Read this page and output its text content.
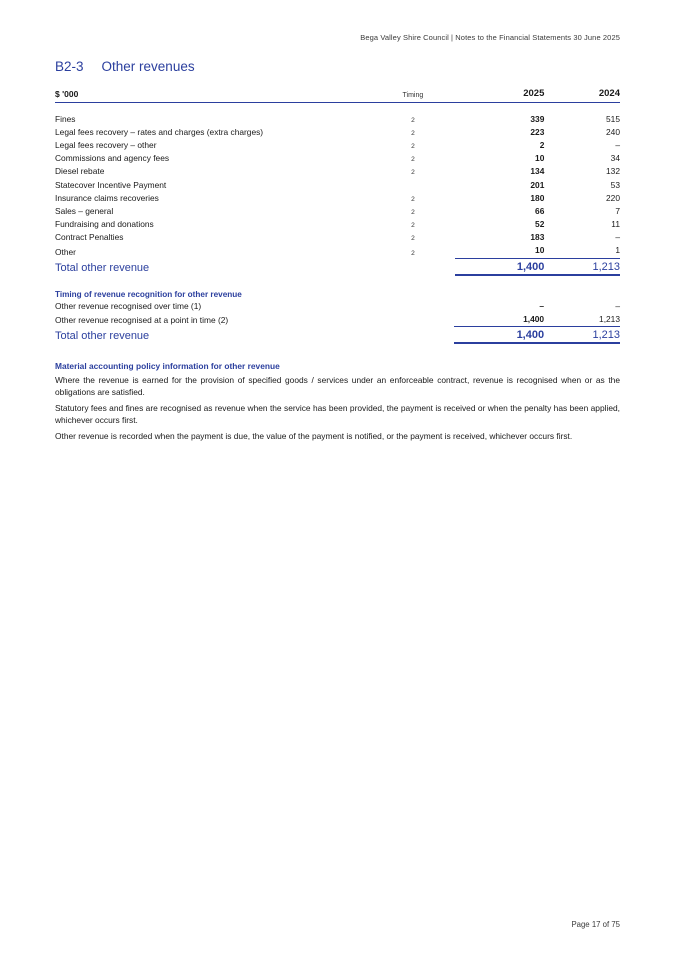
Bega Valley Shire Council | Notes to the Financial Statements 30 June 2025
B2-3 Other revenues
$ '000	Timing	2025	2024

Fines	2	339	515
Legal fees recovery – rates and charges (extra charges)	2	223	240
Legal fees recovery – other	2	2	–
Commissions and agency fees	2	10	34
Diesel rebate	2	134	132
Statecover Incentive Payment		201	53
Insurance claims recoveries	2	180	220
Sales – general	2	66	7
Fundraising and donations	2	52	11
Contract Penalties	2	183	–
Other	2	10	1
Total other revenue		1,400	1,213
Timing of revenue recognition for other revenue			
Other revenue recognised over time (1)		–	–
Other revenue recognised at a point in time (2)		1,400	1,213
Total other revenue		1,400	1,213
Material accounting policy information for other revenue
Where the revenue is earned for the provision of specified goods / services under an enforceable contract, revenue is recognised when or as the obligations are satisfied.
Statutory fees and fines are recognised as revenue when the service has been provided, the payment is received or when the penalty has been applied, whichever occurs first.
Other revenue is recorded when the payment is due, the value of the payment is notified, or the payment is received, whichever occurs first.
Page 17 of 75
